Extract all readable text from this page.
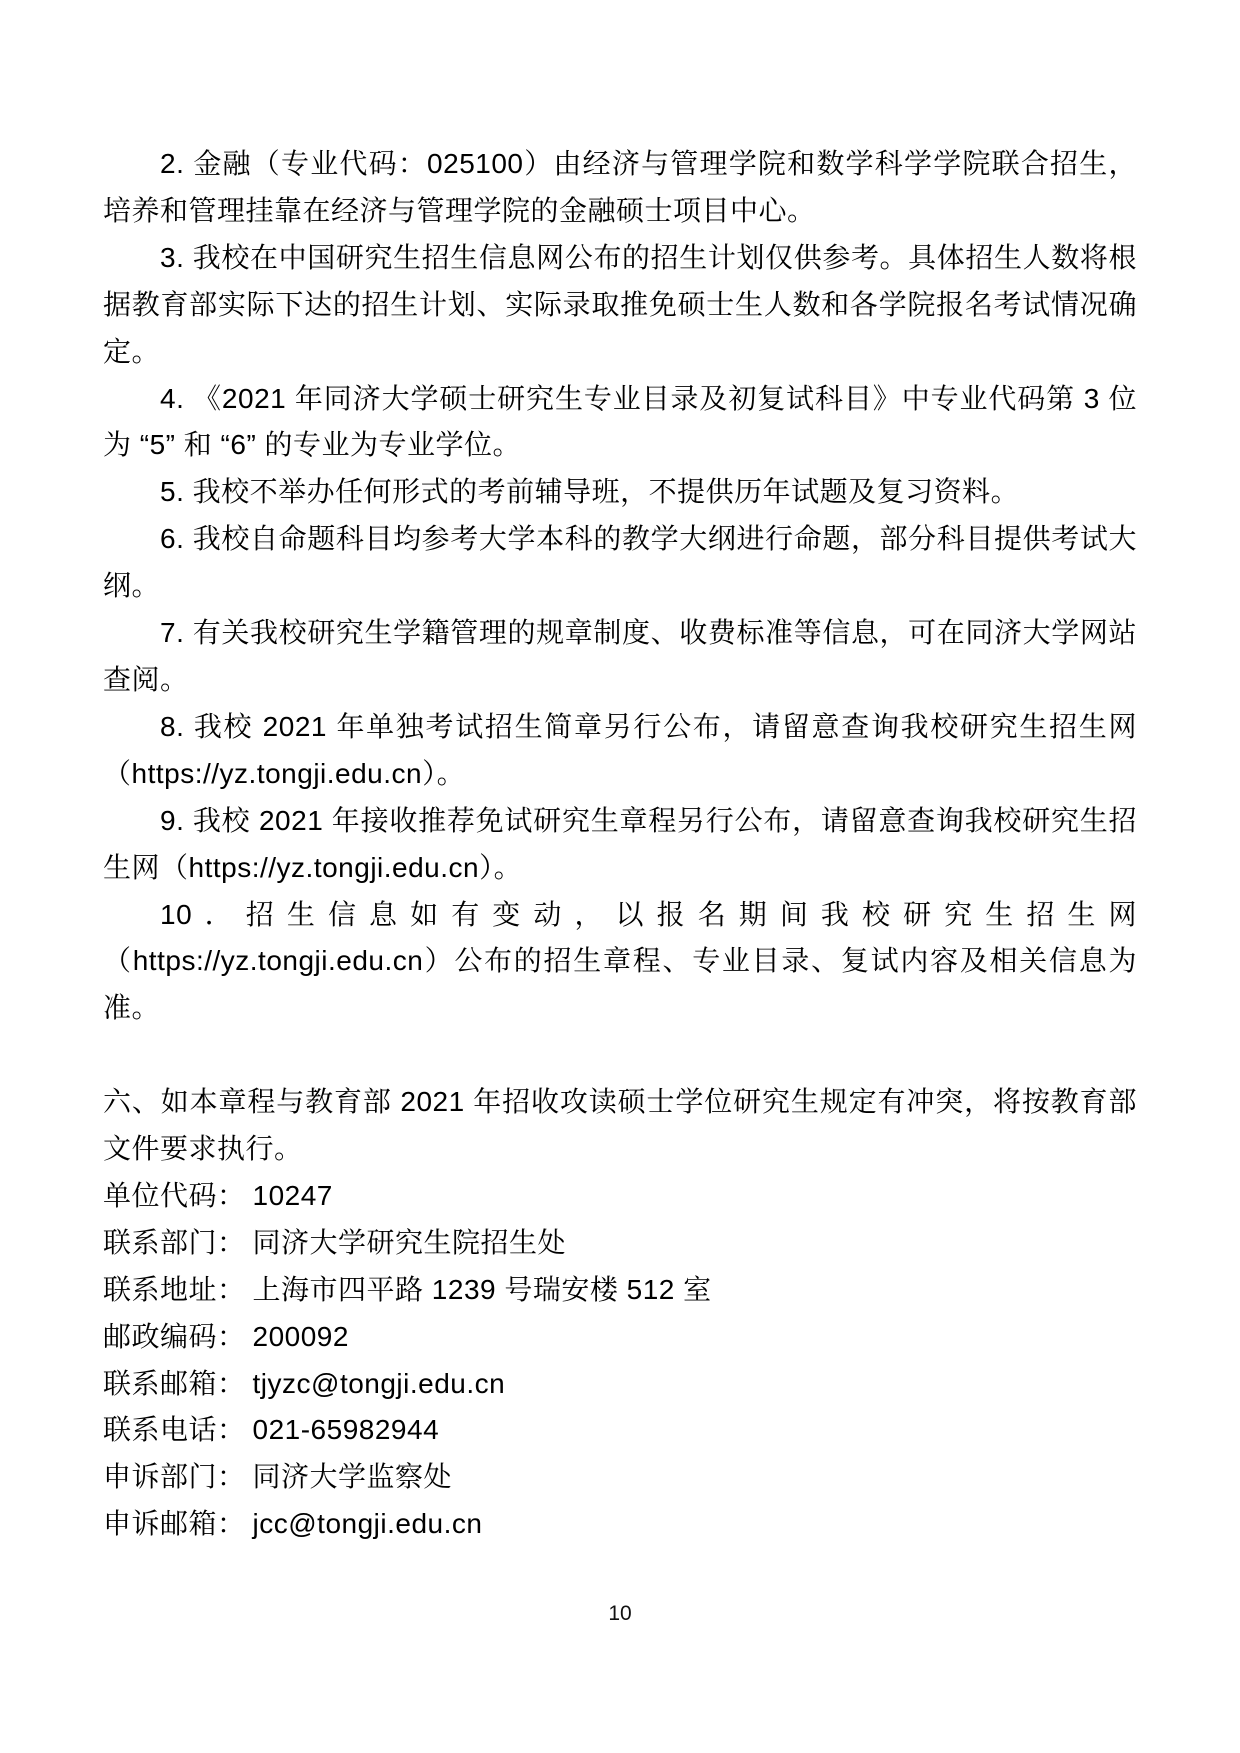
2. 金融（专业代码：025100）由经济与管理学院和数学科学学院联合招生，培养和管理挂靠在经济与管理学院的金融硕士项目中心。

3. 我校在中国研究生招生信息网公布的招生计划仅供参考。具体招生人数将根据教育部实际下达的招生计划、实际录取推免硕士生人数和各学院报名考试情况确定。

4. 《2021 年同济大学硕士研究生专业目录及初复试科目》中专业代码第 3 位为 “5” 和 “6” 的专业为专业学位。

5. 我校不举办任何形式的考前辅导班，不提供历年试题及复习资料。

6. 我校自命题科目均参考大学本科的教学大纲进行命题，部分科目提供考试大纲。

7. 有关我校研究生学籍管理的规章制度、收费标准等信息，可在同济大学网站查阅。

8. 我校 2021 年单独考试招生简章另行公布，请留意查询我校研究生招生网（https://yz.tongji.edu.cn）。

9. 我校 2021 年接收推荐免试研究生章程另行公布，请留意查询我校研究生招生网（https://yz.tongji.edu.cn）。

10．招生信息如有变动，以报名期间我校研究生招生网（https://yz.tongji.edu.cn）公布的招生章程、专业目录、复试内容及相关信息为准。

六、如本章程与教育部 2021 年招收攻读硕士学位研究生规定有冲突，将按教育部文件要求执行。

单位代码： 10247

联系部门： 同济大学研究生院招生处

联系地址： 上海市四平路 1239 号瑞安楼 512 室

邮政编码： 200092

联系邮箱： tjyzc@tongji.edu.cn

联系电话： 021-65982944

申诉部门： 同济大学监察处

申诉邮箱： jcc@tongji.edu.cn

10
